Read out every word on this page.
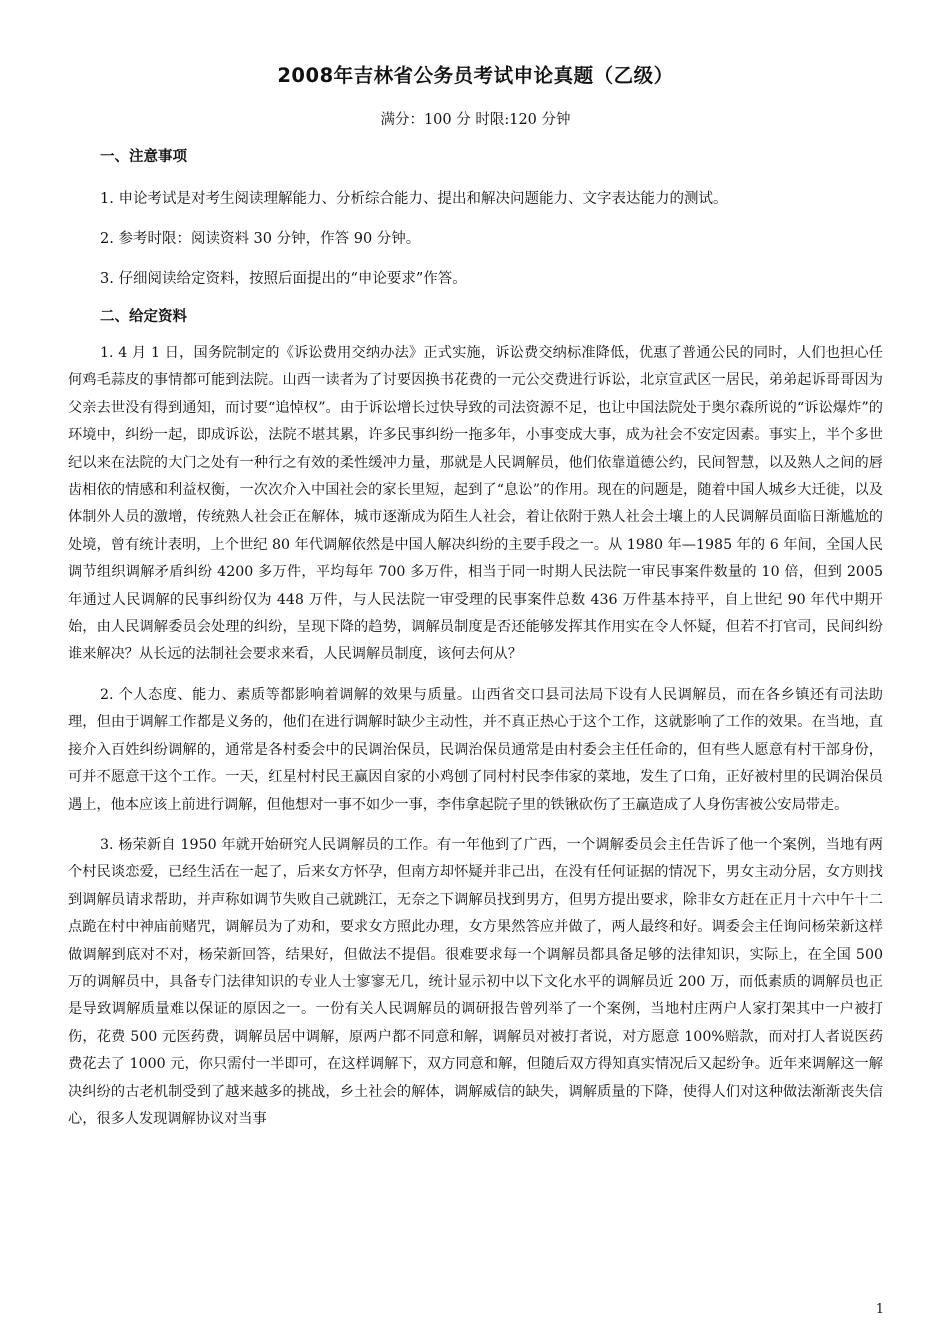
2008年吉林省公务员考试申论真题（乙级）
满分：100 分 时限:120 分钟
一、注意事项
1. 申论考试是对考生阅读理解能力、分析综合能力、提出和解决问题能力、文字表达能力的测试。
2. 参考时限：阅读资料 30 分钟，作答 90 分钟。
3. 仔细阅读给定资料，按照后面提出的“申论要求”作答。
二、给定资料

1. 4 月 1 日，国务院制定的《诉讼费用交纳办法》正式实施，诉讼费交纳标准降低，优惠了普通公民的同时，人们也担心任何鸡毛蒜皮的事情都可能到法院。山西一读者为了讨要因换书花费的一元公交费进行诉讼，北京宣武区一居民，弟弟起诉哥哥因为父亲去世没有得到通知，而讨要“追悼权”。由于诉讼增长过快导致的司法资源不足，也让中国法院处于奥尔森所说的“诉讼爆炸”的环境中，纠纷一起，即成诉讼，法院不堪其累，许多民事纠纷一拖多年，小事变成大事，成为社会不安定因素。事实上，半个多世纪以来在法院的大门之处有一种行之有效的柔性缓冲力量，那就是人民调解员，他们依靠道德公约，民间智慧，以及熟人之间的唇齿相依的情感和利益权衡，一次次介入中国社会的家长里短，起到了“息讼”的作用。现在的问题是，随着中国人城乡大迁徙，以及体制外人员的激增，传统熟人社会正在解体，城市逐渐成为陌生人社会，着让依附于熟人社会土壤上的人民调解员面临日渐尴尬的处境，曾有统计表明，上个世纪 80 年代调解依然是中国人解决纠纷的主要手段之一。从 1980 年—1985 年的 6 年间，全国人民调节组织调解矛盾纠纷 4200 多万件，平均每年 700 多万件，相当于同一时期人民法院一审民事案件数量的 10 倍，但到 2005 年通过人民调解的民事纠纷仅为 448 万件，与人民法院一审受理的民事案件总数 436 万件基本持平，自上世纪 90 年代中期开始，由人民调解委员会处理的纠纷，呈现下降的趋势，调解员制度是否还能够发挥其作用实在令人怀疑，但若不打官司，民间纠纷谁来解决？从长远的法制社会要求来看，人民调解员制度，该何去何从？

2. 个人态度、能力、素质等都影响着调解的效果与质量。山西省交口县司法局下设有人民调解员，而在各乡镇还有司法助理，但由于调解工作都是义务的，他们在进行调解时缺少主动性，并不真正热心于这个工作，这就影响了工作的效果。在当地，直接介入百姓纠纷调解的，通常是各村委会中的民调治保员，民调治保员通常是由村委会主任任命的，但有些人愿意有村干部身份，可并不愿意干这个工作。一天，红星村村民王赢因自家的小鸡刨了同村村民李伟家的菜地，发生了口角，正好被村里的民调治保员遇上，他本应该上前进行调解，但他想对一事不如少一事，李伟拿起院子里的铁锹砍伤了王赢造成了人身伤害被公安局带走。

3. 杨荣新自 1950 年就开始研究人民调解员的工作。有一年他到了广西，一个调解委员会主任告诉了他一个案例，当地有两个村民谈恋爱，已经生活在一起了，后来女方怀孕，但南方却怀疑并非己出，在没有任何证据的情况下，男女主动分居，女方则找到调解员请求帮助，并声称如调节失败自己就跳江，无奈之下调解员找到男方，但男方提出要求，除非女方赶在正月十六中午十二点跪在村中神庙前赌咒，调解员为了劝和，要求女方照此办理，女方果然答应并做了，两人最终和好。调委会主任询问杨荣新这样做调解到底对不对，杨荣新回答，结果好，但做法不提倡。很难要求每一个调解员都具备足够的法律知识，实际上，在全国 500 万的调解员中，具备专门法律知识的专业人士寥寥无几，统计显示初中以下文化水平的调解员近 200 万，而低素质的调解员也正是导致调解质量难以保证的原因之一。一份有关人民调解员的调研报告曾列举了一个案例，当地村庄两户人家打架其中一户被打伤，花费 500 元医药费，调解员居中调解，原两户都不同意和解，调解员对被打者说，对方愿意 100%赔款，而对打人者说医药费花去了 1000 元，你只需付一半即可，在这样调解下，双方同意和解，但随后双方得知真实情况后又起纷争。近年来调解这一解决纠纷的古老机制受到了越来越多的挑战，乡土社会的解体，调解威信的缺失，调解质量的下降，使得人们对这种做法渐渐丧失信心，很多人发现调解协议对当事

1
